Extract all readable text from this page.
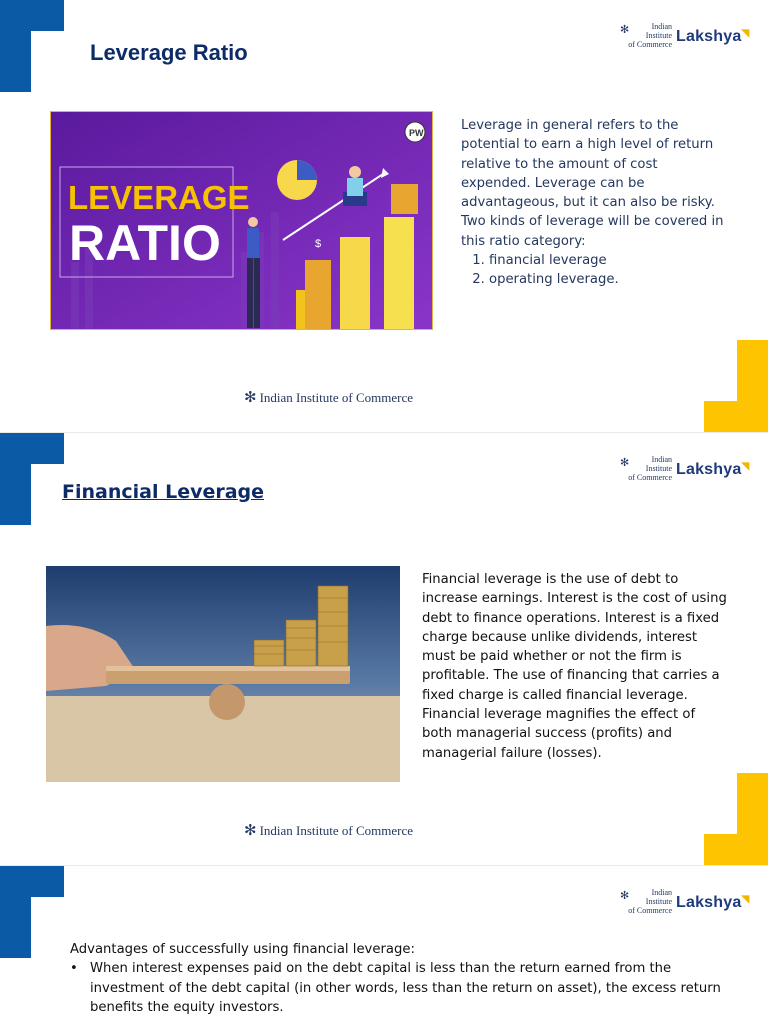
✻	Indian
Institute
of Commerce Lakshya◥
Leverage Ratio
$
PW
LEVERAGE
RATIO

Leverage in general refers to the potential to earn a high level of return relative to the amount of cost expended. Leverage can be advantageous, but it can also be risky. Two kinds of leverage will be covered in this ratio category:

1. financial leverage
2. operating leverage.
✻ Indian Institute of Commerce
✻	Indian
Institute
of Commerce Lakshya◥
Financial Leverage

Financial leverage is the use of debt to increase earnings. Interest is the cost of using debt to finance operations. Interest is a fixed charge because unlike dividends, interest must be paid whether or not the firm is profitable. The use of financing that carries a fixed charge is called financial leverage.

Financial leverage magnifies the effect of both managerial success (profits) and managerial failure (losses).

✻ Indian Institute of Commerce
✻	Indian
Institute
of Commerce Lakshya◥

Advantages of successfully using financial leverage:

• When interest expenses paid on the debt capital is less than the return earned from the investment of the debt capital (in other words, less than the return on asset), the excess return benefits the equity investors.
